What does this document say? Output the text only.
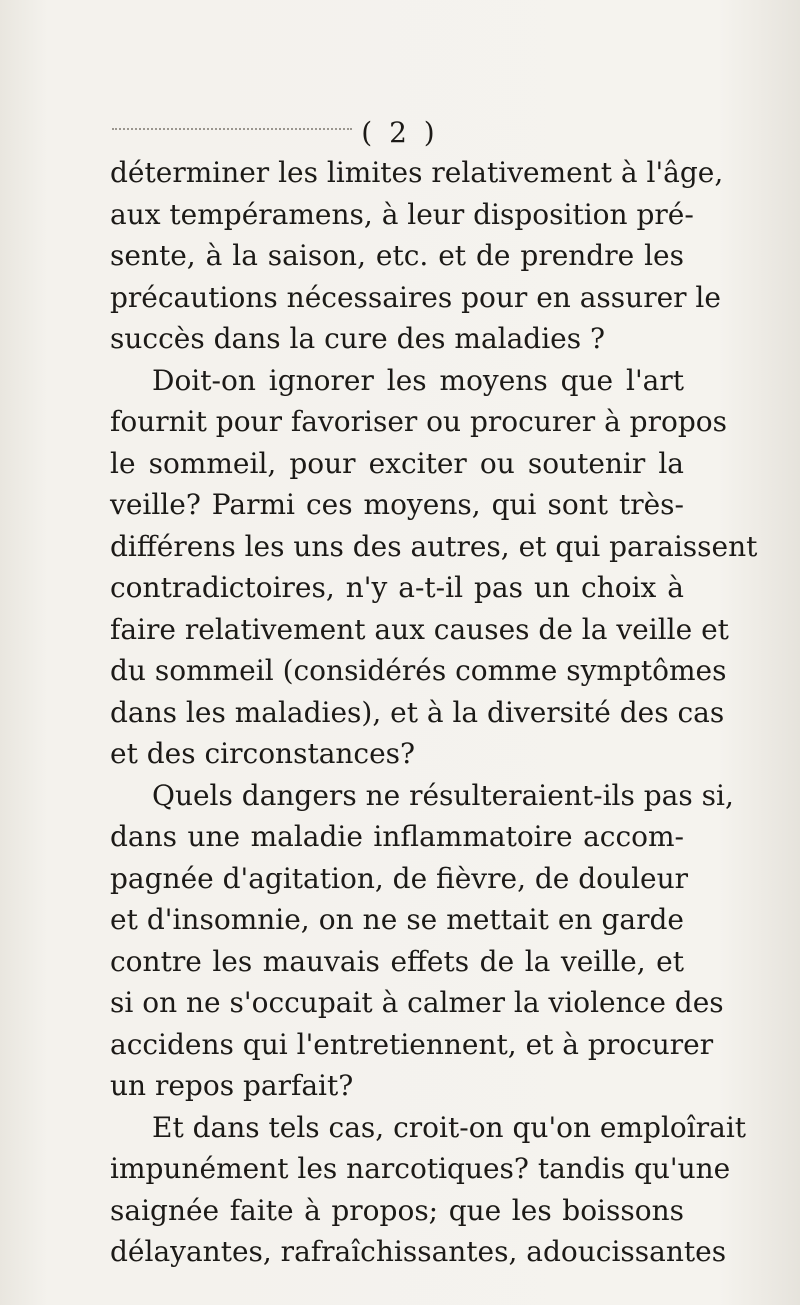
( 2 )
déterminer les limites relativement à l'âge,
aux tempéramens, à leur disposition pré-
sente, à la saison, etc. et de prendre les
précautions nécessaires pour en assurer le
succès dans la cure des maladies ?
Doit-on ignorer les moyens que l'art
fournit pour favoriser ou procurer à propos
le sommeil, pour exciter ou soutenir la
veille? Parmi ces moyens, qui sont très-
différens les uns des autres, et qui paraissent
contradictoires, n'y a-t-il pas un choix à
faire relativement aux causes de la veille et
du sommeil (considérés comme symptômes
dans les maladies), et à la diversité des cas
et des circonstances?
Quels dangers ne résulteraient-ils pas si,
dans une maladie inflammatoire accom-
pagnée d'agitation, de fièvre, de douleur
et d'insomnie, on ne se mettait en garde
contre les mauvais effets de la veille, et
si on ne s'occupait à calmer la violence des
accidens qui l'entretiennent, et à procurer
un repos parfait?
Et dans tels cas, croit-on qu'on emploîrait
impunément les narcotiques? tandis qu'une
saignée faite à propos; que les boissons
délayantes, rafraîchissantes, adoucissantes
